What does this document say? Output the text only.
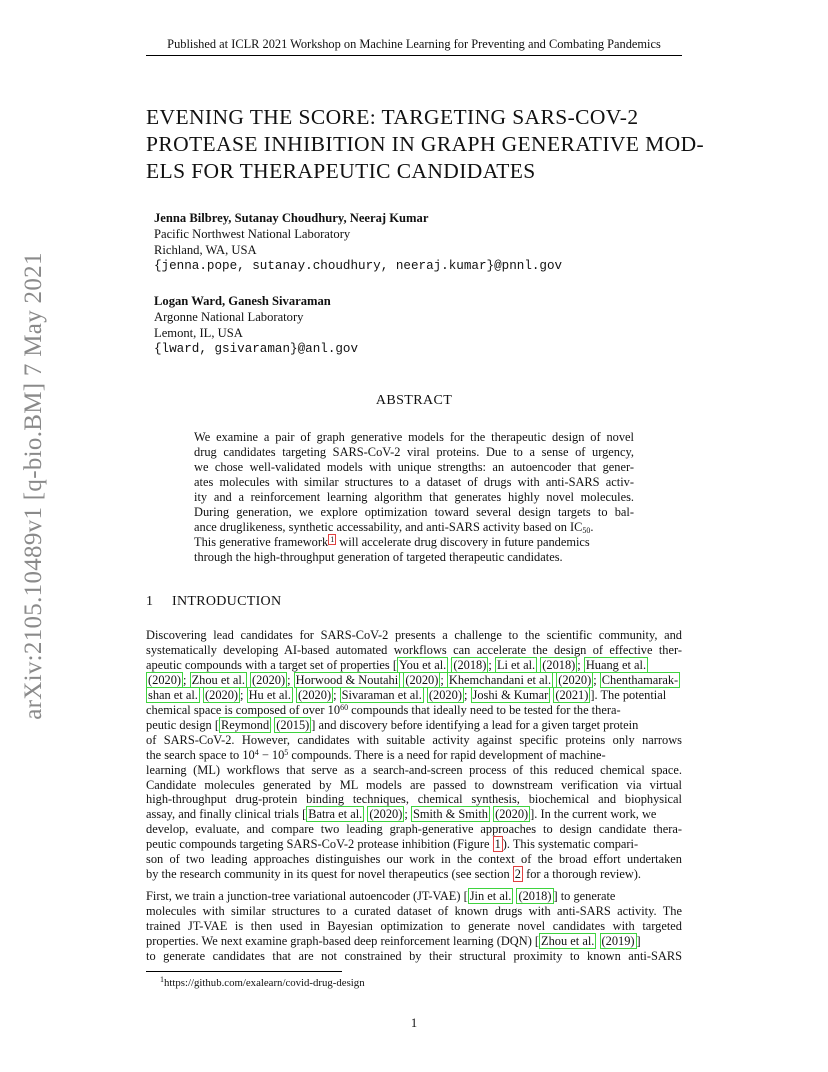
Published at ICLR 2021 Workshop on Machine Learning for Preventing and Combating Pandemics
arXiv:2105.10489v1 [q-bio.BM] 7 May 2021
EVENING THE SCORE: TARGETING SARS-COV-2
PROTEASE INHIBITION IN GRAPH GENERATIVE MOD-
ELS FOR THERAPEUTIC CANDIDATES
Jenna Bilbrey, Sutanay Choudhury, Neeraj Kumar
Pacific Northwest National Laboratory
Richland, WA, USA
{jenna.pope, sutanay.choudhury, neeraj.kumar}@pnnl.gov
Logan Ward, Ganesh Sivaraman
Argonne National Laboratory
Lemont, IL, USA
{lward, gsivaraman}@anl.gov
ABSTRACT
We examine a pair of graph generative models for the therapeutic design of novel
drug candidates targeting SARS-CoV-2 viral proteins. Due to a sense of urgency,
we chose well-validated models with unique strengths: an autoencoder that gener-
ates molecules with similar structures to a dataset of drugs with anti-SARS activ-
ity and a reinforcement learning algorithm that generates highly novel molecules.
During generation, we explore optimization toward several design targets to bal-
ance druglikeness, synthetic accessability, and anti-SARS activity based on $IC_{50}$.
This generative framework $^1$ will accelerate drug discovery in future pandemics
through the high-throughput generation of targeted therapeutic candidates.
1 INTRODUCTION
Discovering lead candidates for SARS-CoV-2 presents a challenge to the scientific community, and
systematically developing AI-based automated workflows can accelerate the design of effective ther-
apeutic compounds with a target set of properties [ You et al. (2018) ; Li et al. (2018) ; Huang et al.
(2020) ; Zhou et al. (2020) ; Horwood & Noutahi (2020) ; Khemchandani et al. (2020) ; Chenthamarak-
shan et al. (2020) ; Hu et al. (2020) ; Sivaraman et al. (2020) ; Joshi & Kumar (2021) ]. The potential
chemical space is composed of over $10^{60}$ compounds that ideally need to be tested for the thera-
peutic design [ Reymond (2015) ] and discovery before identifying a lead for a given target protein
of SARS-CoV-2. However, candidates with suitable activity against specific proteins only narrows
the search space to $10^4 - 10^5$ compounds. There is a need for rapid development of machine-
learning (ML) workflows that serve as a search-and-screen process of this reduced chemical space.
Candidate molecules generated by ML models are passed to downstream verification via virtual
high-throughput drug-protein binding techniques, chemical synthesis, biochemical and biophysical
assay, and finally clinical trials [ Batra et al. (2020) ; Smith & Smith (2020) ]. In the current work, we
develop, evaluate, and compare two leading graph-generative approaches to design candidate thera-
peutic compounds targeting SARS-CoV-2 protease inhibition (Figure 1 ). This systematic compari-
son of two leading approaches distinguishes our work in the context of the broad effort undertaken
by the research community in its quest for novel therapeutics (see section 2 for a thorough review).
First, we train a junction-tree variational autoencoder (JT-VAE) [ Jin et al. (2018) ] to generate
molecules with similar structures to a curated dataset of known drugs with anti-SARS activity. The
trained JT-VAE is then used in Bayesian optimization to generate novel candidates with targeted
properties. We next examine graph-based deep reinforcement learning (DQN) [ Zhou et al. (2019) ]
to generate candidates that are not constrained by their structural proximity to known anti-SARS
$^1$https://github.com/exalearn/covid-drug-design
1
